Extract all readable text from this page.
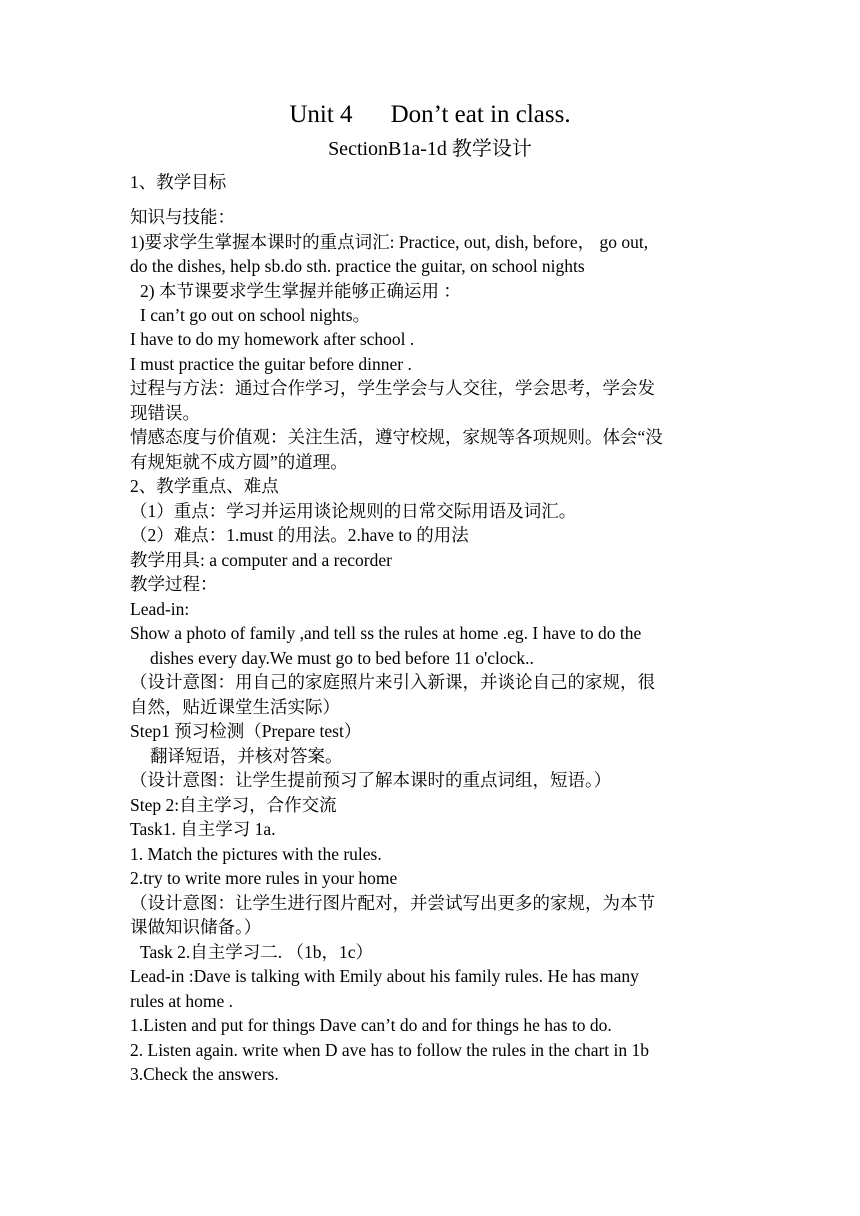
Unit 4 Don’t eat in class.
SectionB1a-1d 教学设计
1、教学目标
知识与技能：
1)要求学生掌握本课时的重点词汇: Practice, out, dish, before， go out,
do the dishes, help sb.do sth. practice the guitar, on school nights
2) 本节课要求学生掌握并能够正确运用 ：
I can’t go out on school nights。
I have to do my homework after school .
I must practice the guitar before dinner .
过程与方法：通过合作学习，学生学会与人交往，学会思考，学会发
现错误。
情感态度与价值观：关注生活，遵守校规，家规等各项规则。体会“没
有规矩就不成方圆”的道理。
2、教学重点、难点
（1）重点：学习并运用谈论规则的日常交际用语及词汇。
（2）难点：1.must 的用法。2.have to 的用法
教学用具: a computer and a recorder
教学过程：
Lead-in:
Show a photo of family ,and tell ss the rules at home .eg. I have to do the
dishes every day.We must go to bed before 11 o'clock..
（设计意图：用自己的家庭照片来引入新课，并谈论自己的家规，很
自然，贴近课堂生活实际）
Step1 预习检测（Prepare test）
翻译短语，并核对答案。
（设计意图：让学生提前预习了解本课时的重点词组，短语。）
Step 2:自主学习，合作交流
Task1. 自主学习 1a.
1. Match the pictures with the rules.
2.try to write more rules in your home
（设计意图：让学生进行图片配对，并尝试写出更多的家规，为本节
课做知识储备。）
Task 2.自主学习二. （1b，1c）
Lead-in :Dave is talking with Emily about his family rules. He has many
rules at home .
1.Listen and put for things Dave can’t do and for things he has to do.
2. Listen again. write when D ave has to follow the rules in the chart in 1b
3.Check the answers.
